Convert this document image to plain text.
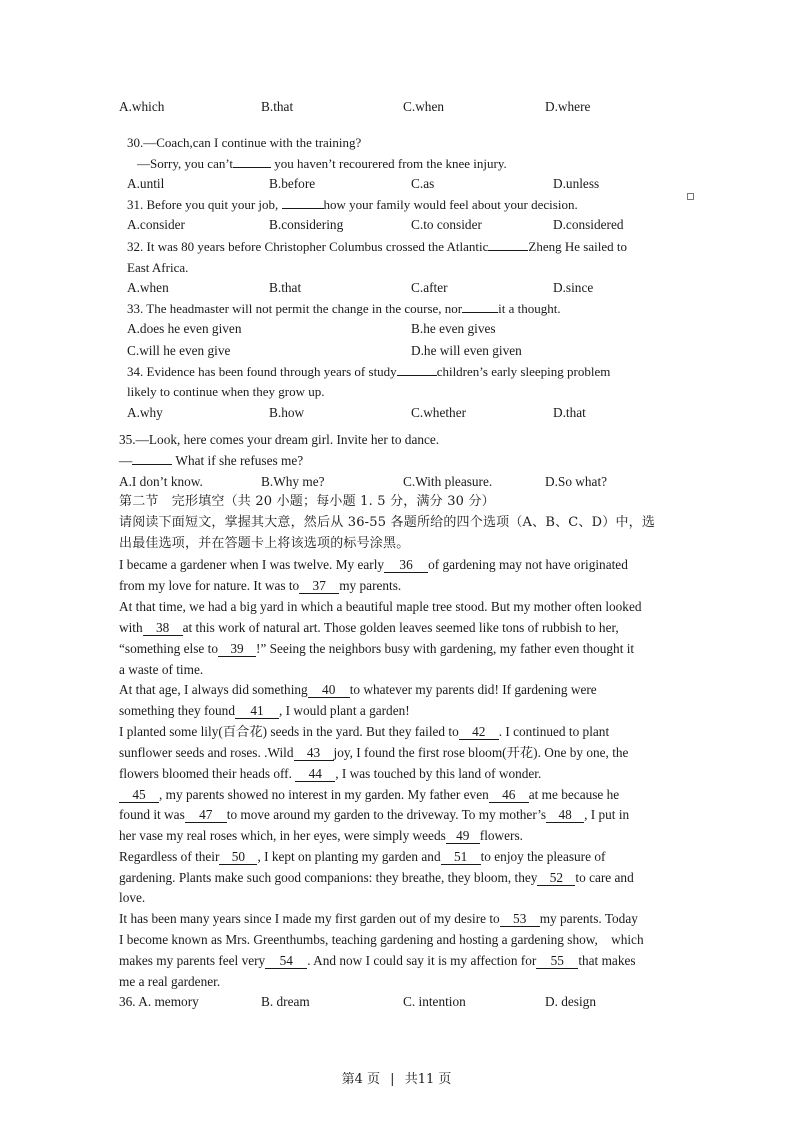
A.which	B.that	C.when	D.where
30.—Coach,can I continue with the training?
—Sorry, you can’t	you haven’t recourered from the knee injury.
A.until	B.before	C.as	D.unless
31. Before you quit your job,	how your family would feel about your decision.
A.consider	B.considering	C.to consider	D.considered
32. It was 80 years before Christopher Columbus crossed the Atlantic	Zheng He sailed to
East Africa.
A.when	B.that	C.after	D.since
33. The headmaster will not permit the change in the course, nor	it a thought.
A.does he even given	B.he even gives
C.will he even give	D.he will even given
34. Evidence has been found through years of study	children’s early sleeping problem
likely to continue when they grow up.
A.why	B.how	C.whether	D.that
35.—Look, here comes your dream girl. Invite her to dance.
—	What if she refuses me?
A.I don’t know.	B.Why me?	C.With pleasure.	D.So what?
第二节　完形填空（共 20 小题；每小题 1. 5 分，满分 30 分）
请阅读下面短文，掌握其大意，然后从 36-55 各题所给的四个选项（A、B、C、D）中，选
出最佳选项，并在答题卡上将该选项的标号涂黑。
I became a gardener when I was twelve. My early 36 of gardening may not have originated
from my love for nature. It was to 37 my parents.
At that time, we had a big yard in which a beautiful maple tree stood. But my mother often looked
with 38 at this work of natural art. Those golden leaves seemed like tons of rubbish to her,
“something else to 39 !” Seeing the neighbors busy with gardening, my father even thought it
a waste of time.
At that age, I always did something 40 to whatever my parents did! If gardening were
something they found 41 , I would plant a garden!
I planted some lily(百合花) seeds in the yard. But they failed to 42 . I continued to plant
sunflower seeds and roses. .Wild 43 joy, I found the first rose bloom(开花). One by one, the
flowers bloomed their heads off. 44 , I was touched by this land of wonder.
45 , my parents showed no interest in my garden. My father even 46 at me because he
found it was 47 to move around my garden to the driveway. To my mother’s 48 , I put in
her vase my real roses which, in her eyes, were simply weeds 49 flowers.
Regardless of their 50 , I kept on planting my garden and 51 to enjoy the pleasure of
gardening. Plants make such good companions: they breathe, they bloom, they 52 to care and
love.
It has been many years since I made my first garden out of my desire to 53 my parents. Today
I become known as Mrs. Greenthumbs, teaching gardening and hosting a gardening show,　which
makes my parents feel very 54 . And now I could say it is my affection for 55 that makes
me a real gardener.
36. A. memory	B. dream	C. intention	D. design
第4 页 | 共11 页
